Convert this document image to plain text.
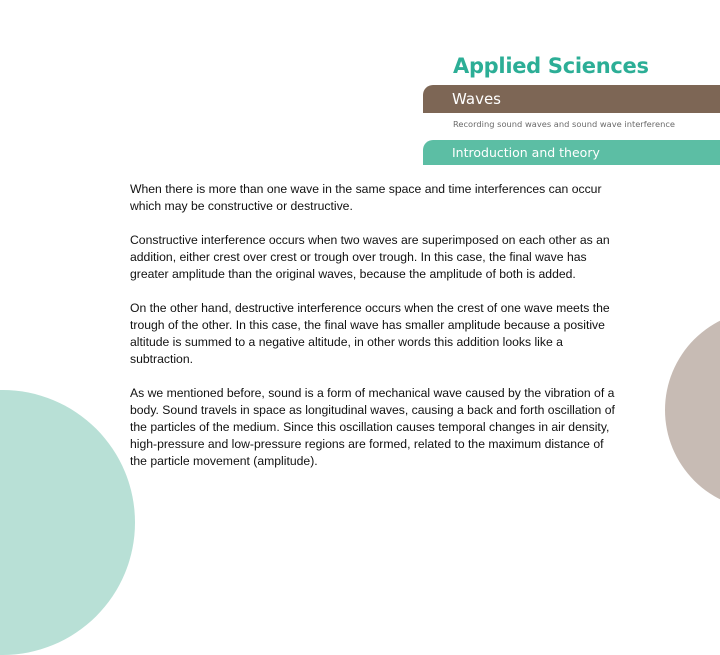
Applied Sciences
Waves
Recording sound waves and sound wave interference
Introduction and theory

When there is more than one wave in the same space and time interferences can occur which may be constructive or destructive.

Constructive interference occurs when two waves are superimposed on each other as an addition, either crest over crest or trough over trough. In this case, the final wave has greater amplitude than the original waves, because the amplitude of both is added.

On the other hand, destructive interference occurs when the crest of one wave meets the trough of the other. In this case, the final wave has smaller amplitude because a positive altitude is summed to a negative altitude, in other words this addition looks like a subtraction.

As we mentioned before, sound is a form of mechanical wave caused by the vibration of a body. Sound travels in space as longitudinal waves, causing a back and forth oscillation of the particles of the medium. Since this oscillation causes temporal changes in air density, high-pressure and low-pressure regions are formed, related to the maximum distance of the particle movement (amplitude).
